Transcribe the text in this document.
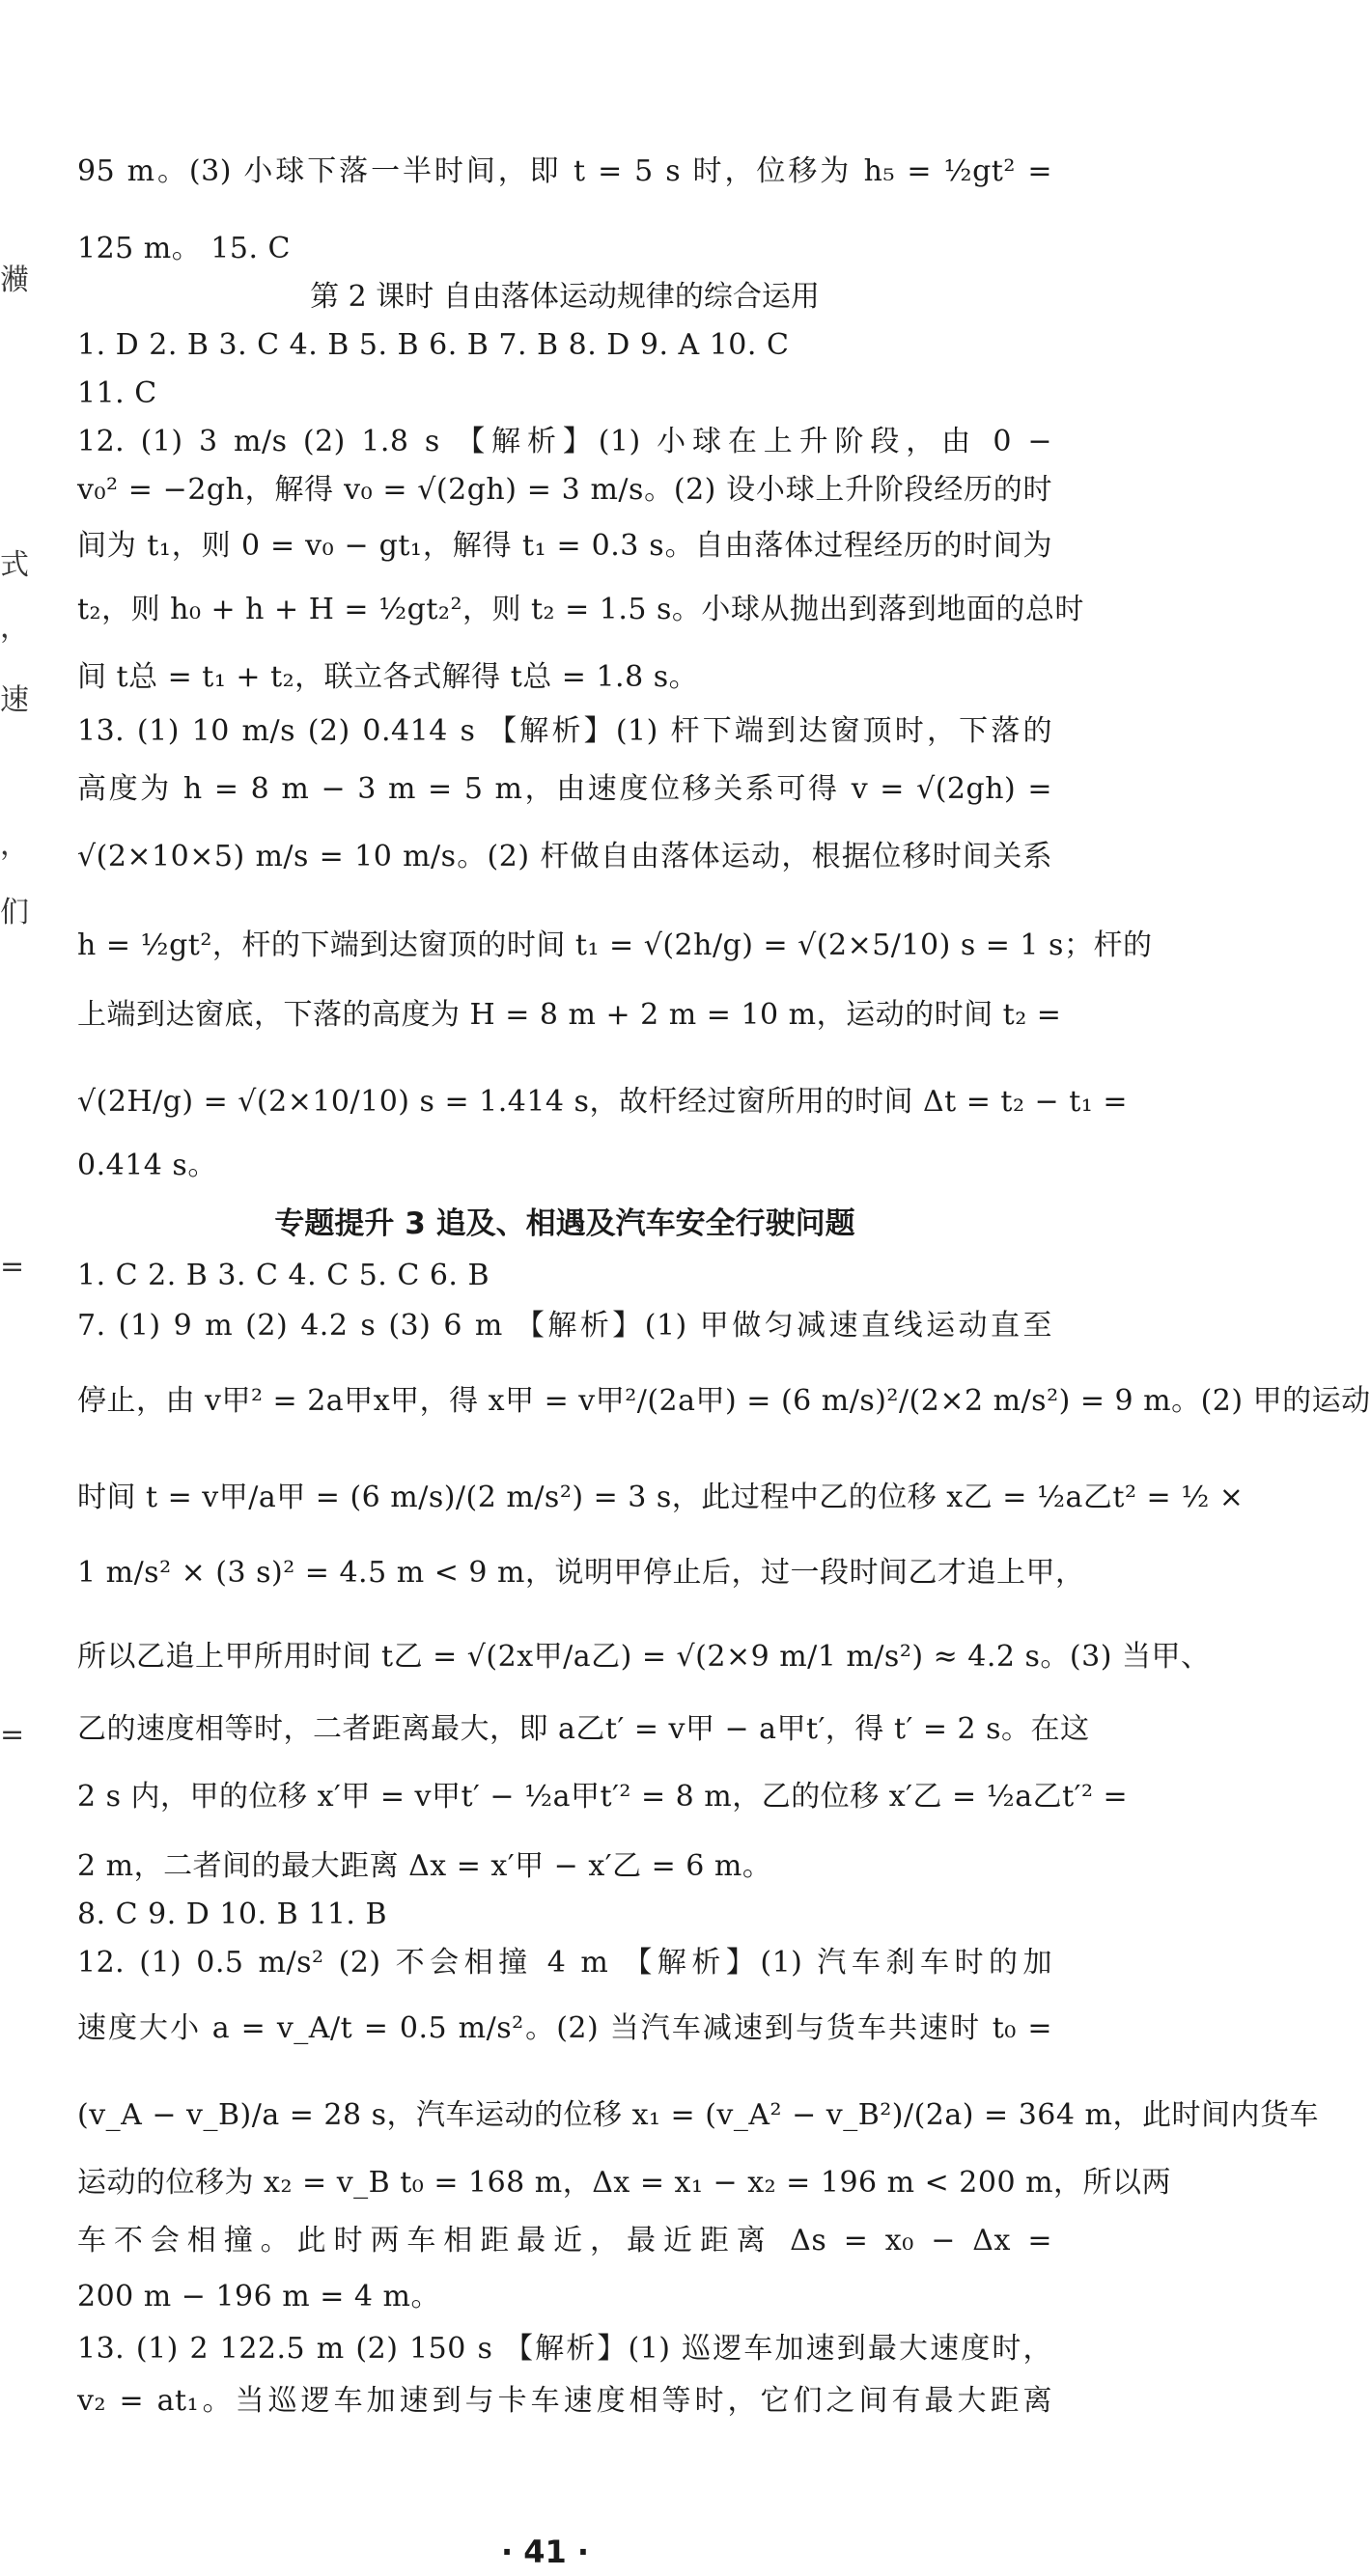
㶇
式
，
速
，
们
=
=
95 m。(3) 小球下落一半时间，即 t = 5 s 时，位移为 h₅ = ½gt² =
125 m。 15. C
第 2 课时 自由落体运动规律的综合运用
1. D 2. B 3. C 4. B 5. B 6. B 7. B 8. D 9. A 10. C
11. C
12. (1) 3 m/s (2) 1.8 s 【解析】(1) 小球在上升阶段，由 0 −
v₀² = −2gh，解得 v₀ = √(2gh) = 3 m/s。(2) 设小球上升阶段经历的时
间为 t₁，则 0 = v₀ − gt₁，解得 t₁ = 0.3 s。自由落体过程经历的时间为
t₂，则 h₀ + h + H = ½gt₂²，则 t₂ = 1.5 s。小球从抛出到落到地面的总时
间 t总 = t₁ + t₂，联立各式解得 t总 = 1.8 s。
13. (1) 10 m/s (2) 0.414 s 【解析】(1) 杆下端到达窗顶时，下落的
高度为 h = 8 m − 3 m = 5 m，由速度位移关系可得 v = √(2gh) =
√(2×10×5) m/s = 10 m/s。(2) 杆做自由落体运动，根据位移时间关系
h = ½gt²，杆的下端到达窗顶的时间 t₁ = √(2h/g) = √(2×5/10) s = 1 s；杆的
上端到达窗底，下落的高度为 H = 8 m + 2 m = 10 m，运动的时间 t₂ =
√(2H/g) = √(2×10/10) s = 1.414 s，故杆经过窗所用的时间 Δt = t₂ − t₁ =
0.414 s。
专题提升 3 追及、相遇及汽车安全行驶问题
1. C 2. B 3. C 4. C 5. C 6. B
7. (1) 9 m (2) 4.2 s (3) 6 m 【解析】(1) 甲做匀减速直线运动直至
停止，由 v甲² = 2a甲x甲，得 x甲 = v甲²/(2a甲) = (6 m/s)²/(2×2 m/s²) = 9 m。(2) 甲的运动
时间 t = v甲/a甲 = (6 m/s)/(2 m/s²) = 3 s，此过程中乙的位移 x乙 = ½a乙t² = ½ ×
1 m/s² × (3 s)² = 4.5 m < 9 m，说明甲停止后，过一段时间乙才追上甲，
所以乙追上甲所用时间 t乙 = √(2x甲/a乙) = √(2×9 m/1 m/s²) ≈ 4.2 s。(3) 当甲、
乙的速度相等时，二者距离最大，即 a乙t′ = v甲 − a甲t′，得 t′ = 2 s。在这
2 s 内，甲的位移 x′甲 = v甲t′ − ½a甲t′² = 8 m，乙的位移 x′乙 = ½a乙t′² =
2 m，二者间的最大距离 Δx = x′甲 − x′乙 = 6 m。
8. C 9. D 10. B 11. B
12. (1) 0.5 m/s² (2) 不会相撞 4 m 【解析】(1) 汽车刹车时的加
速度大小 a = v_A/t = 0.5 m/s²。(2) 当汽车减速到与货车共速时 t₀ =
(v_A − v_B)/a = 28 s，汽车运动的位移 x₁ = (v_A² − v_B²)/(2a) = 364 m，此时间内货车
运动的位移为 x₂ = v_B t₀ = 168 m，Δx = x₁ − x₂ = 196 m < 200 m，所以两
车不会相撞。此时两车相距最近，最近距离 Δs = x₀ − Δx =
200 m − 196 m = 4 m。
13. (1) 2 122.5 m (2) 150 s 【解析】(1) 巡逻车加速到最大速度时，
v₂ = at₁。当巡逻车加速到与卡车速度相等时，它们之间有最大距离
· 41 ·
